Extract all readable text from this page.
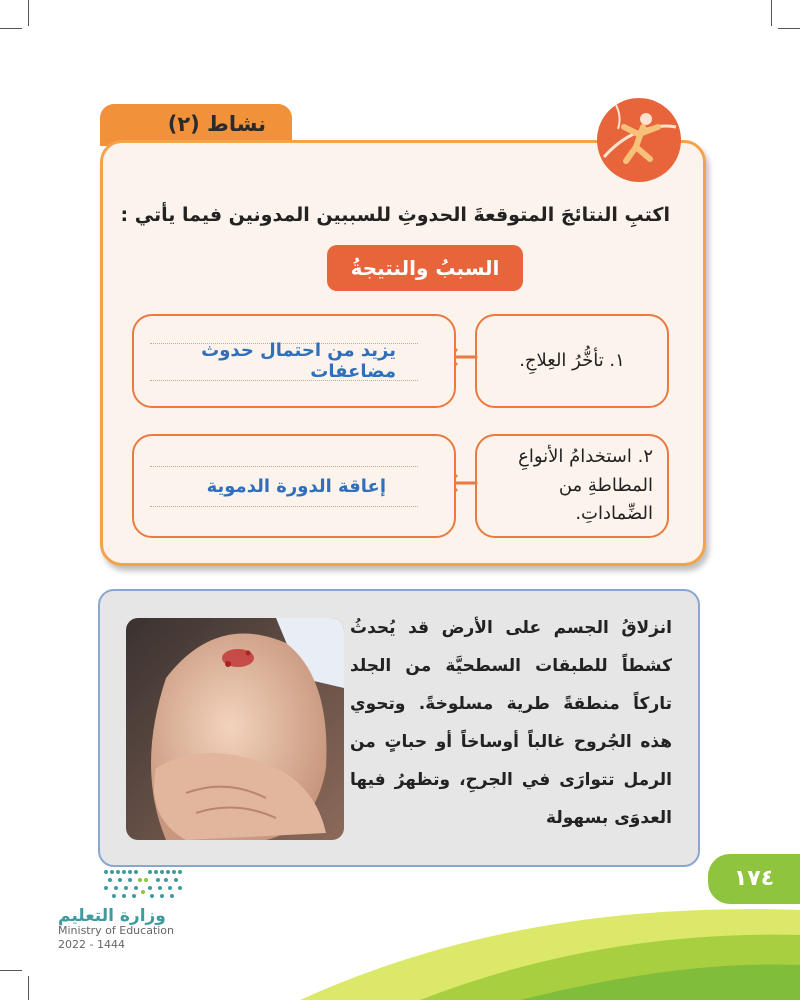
نشاط (٢)
اكتبِ النتائجَ المتوقعةَ الحدوثِ للسببين المدونين فيما يأتي :
السببُ والنتيجةُ
١. تأخُّرُ العِلاجِ.
يزيد من احتمال حدوث مضاعفات
٢. استخدامُ الأنواعِ المطاطةِ من الضِّماداتِ.
إعاقة الدورة الدموية
انزلاقُ الجسم على الأرض قد يُحدثُ كشطاً للطبقات السطحيَّة من الجلد تاركاً منطقةً طرية مسلوخةً. وتحوي هذه الجُروح غالباً أوساخاً أو حباتٍ من الرمل تتوارَى في الجرحِ، وتظهرُ فيها العدوَى بسهولة
١٧٤
وزارة التعليم
Ministry of Education
2022 - 1444
